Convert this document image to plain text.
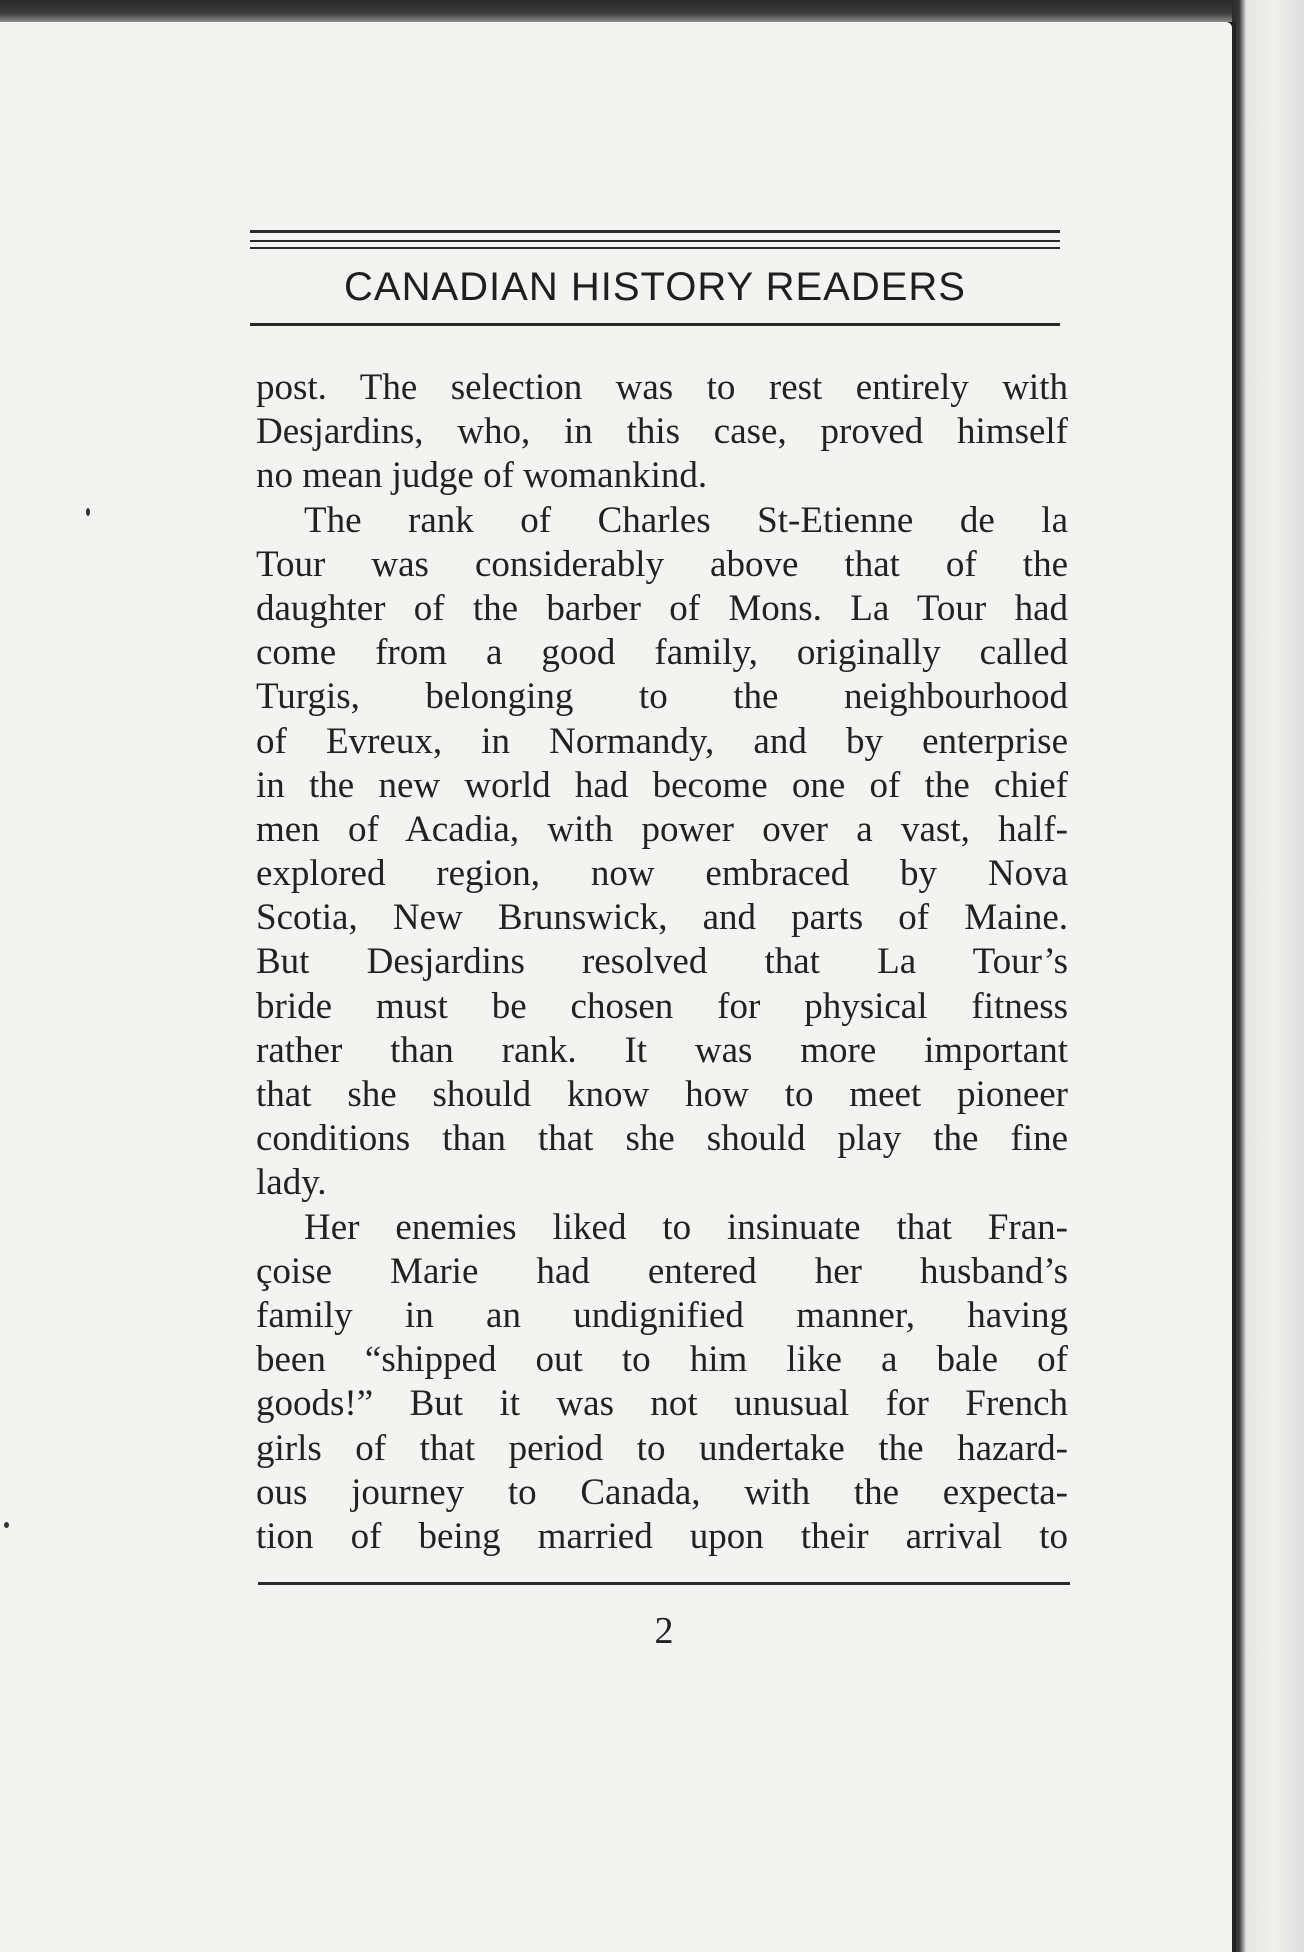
CANADIAN HISTORY READERS
post. The selection was to rest entirely with
Desjardins, who, in this case, proved himself
no mean judge of womankind.
The rank of Charles St-Etienne de la
Tour was considerably above that of the
daughter of the barber of Mons. La Tour had
come from a good family, originally called
Turgis, belonging to the neighbourhood
of Evreux, in Normandy, and by enterprise
in the new world had become one of the chief
men of Acadia, with power over a vast, half-
explored region, now embraced by Nova
Scotia, New Brunswick, and parts of Maine.
But Desjardins resolved that La Tour’s
bride must be chosen for physical fitness
rather than rank. It was more important
that she should know how to meet pioneer
conditions than that she should play the fine
lady.
Her enemies liked to insinuate that Fran-
çoise Marie had entered her husband’s
family in an undignified manner, having
been “shipped out to him like a bale of
goods!” But it was not unusual for French
girls of that period to undertake the hazard-
ous journey to Canada, with the expecta-
tion of being married upon their arrival to
2
